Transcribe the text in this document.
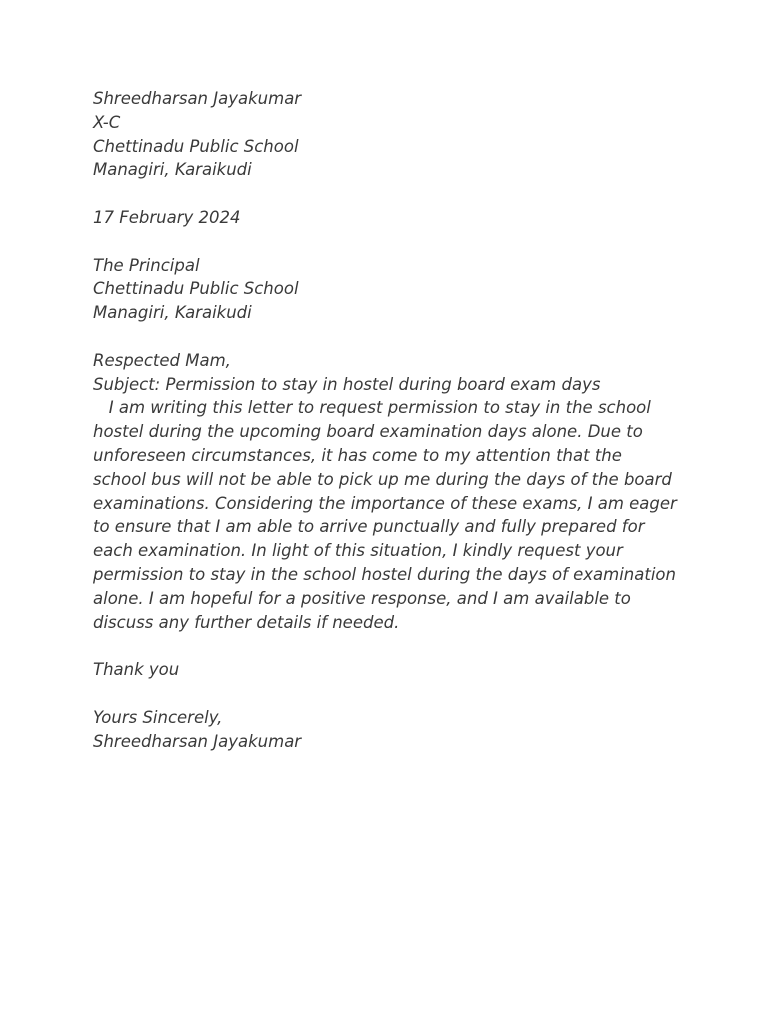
Shreedharsan Jayakumar
X-C
Chettinadu Public School
Managiri, Karaikudi
17 February 2024
The Principal
Chettinadu Public School
Managiri, Karaikudi
Respected Mam,
Subject: Permission to stay in hostel during board exam days
I am writing this letter to request permission to stay in the school
hostel during the upcoming board examination days alone. Due to
unforeseen circumstances, it has come to my attention that the
school bus will not be able to pick up me during the days of the board
examinations. Considering the importance of these exams, I am eager
to ensure that I am able to arrive punctually and fully prepared for
each examination. In light of this situation, I kindly request your
permission to stay in the school hostel during the days of examination
alone. I am hopeful for a positive response, and I am available to
discuss any further details if needed.
Thank you
Yours Sincerely,
Shreedharsan Jayakumar
